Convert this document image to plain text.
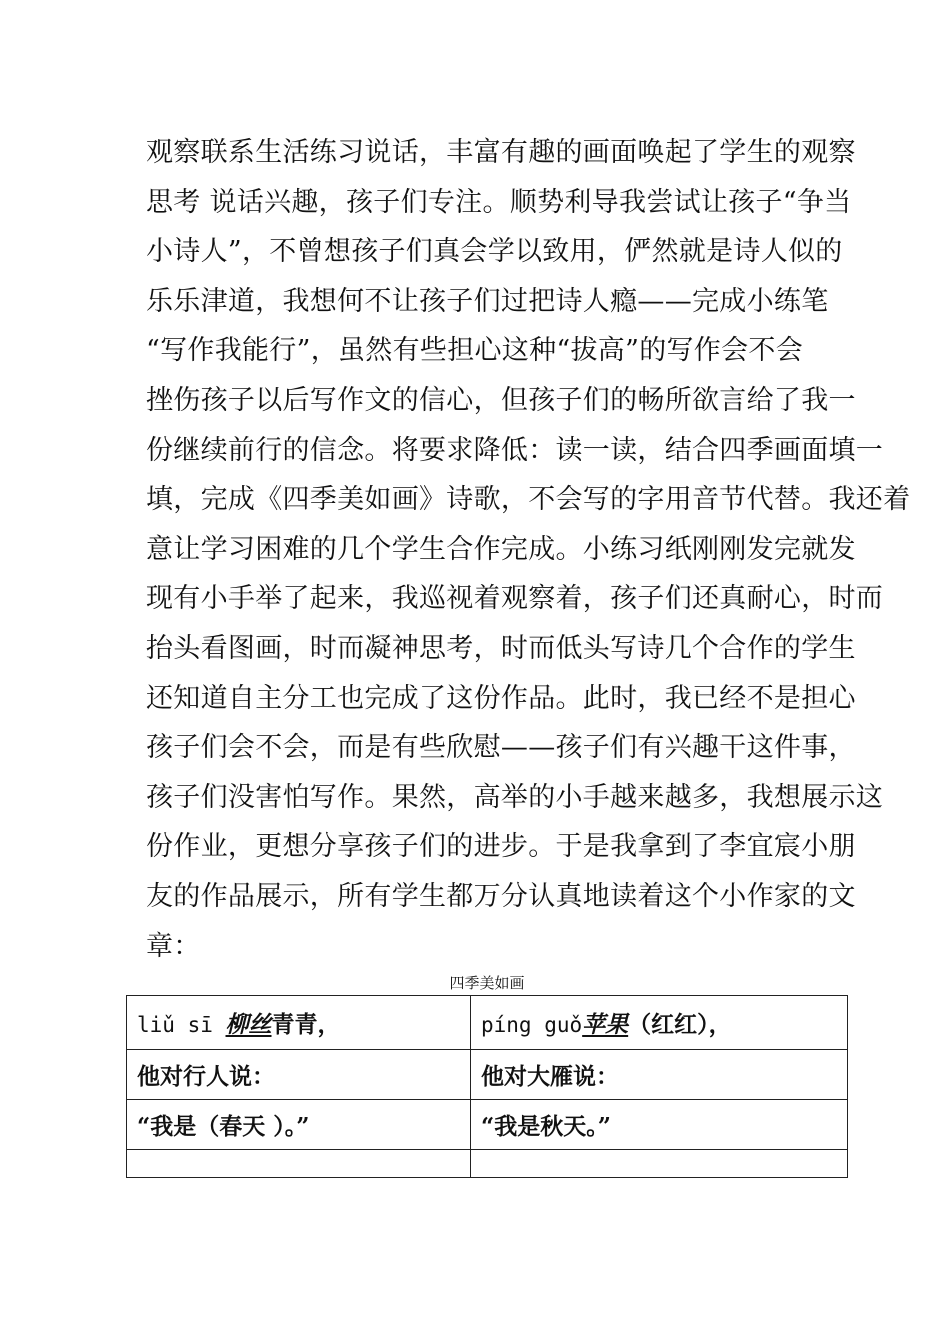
观察联系生活练习说话，丰富有趣的画面唤起了学生的观察
思考 说话兴趣，孩子们专注。顺势利导我尝试让孩子“争当
小诗人”，不曾想孩子们真会学以致用，俨然就是诗人似的
乐乐津道，我想何不让孩子们过把诗人瘾——完成小练笔
“写作我能行”，虽然有些担心这种“拔高”的写作会不会
挫伤孩子以后写作文的信心，但孩子们的畅所欲言给了我一
份继续前行的信念。将要求降低：读一读，结合四季画面填一
填，完成《四季美如画》诗歌，不会写的字用音节代替。我还着
意让学习困难的几个学生合作完成。小练习纸刚刚发完就发
现有小手举了起来，我巡视着观察着，孩子们还真耐心，时而
抬头看图画，时而凝神思考，时而低头写诗几个合作的学生
还知道自主分工也完成了这份作品。此时，我已经不是担心
孩子们会不会，而是有些欣慰——孩子们有兴趣干这件事，
孩子们没害怕写作。果然，高举的小手越来越多，我想展示这
份作业，更想分享孩子们的进步。于是我拿到了李宜宸小朋
友的作品展示，所有学生都万分认真地读着这个小作家的文
章：
四季美如画
liǔ sī 柳丝青青，	píng guǒ苹果（红红），
他对行人说：	他对大雁说：
“我是（春天 ）。”	“我是秋天。”
